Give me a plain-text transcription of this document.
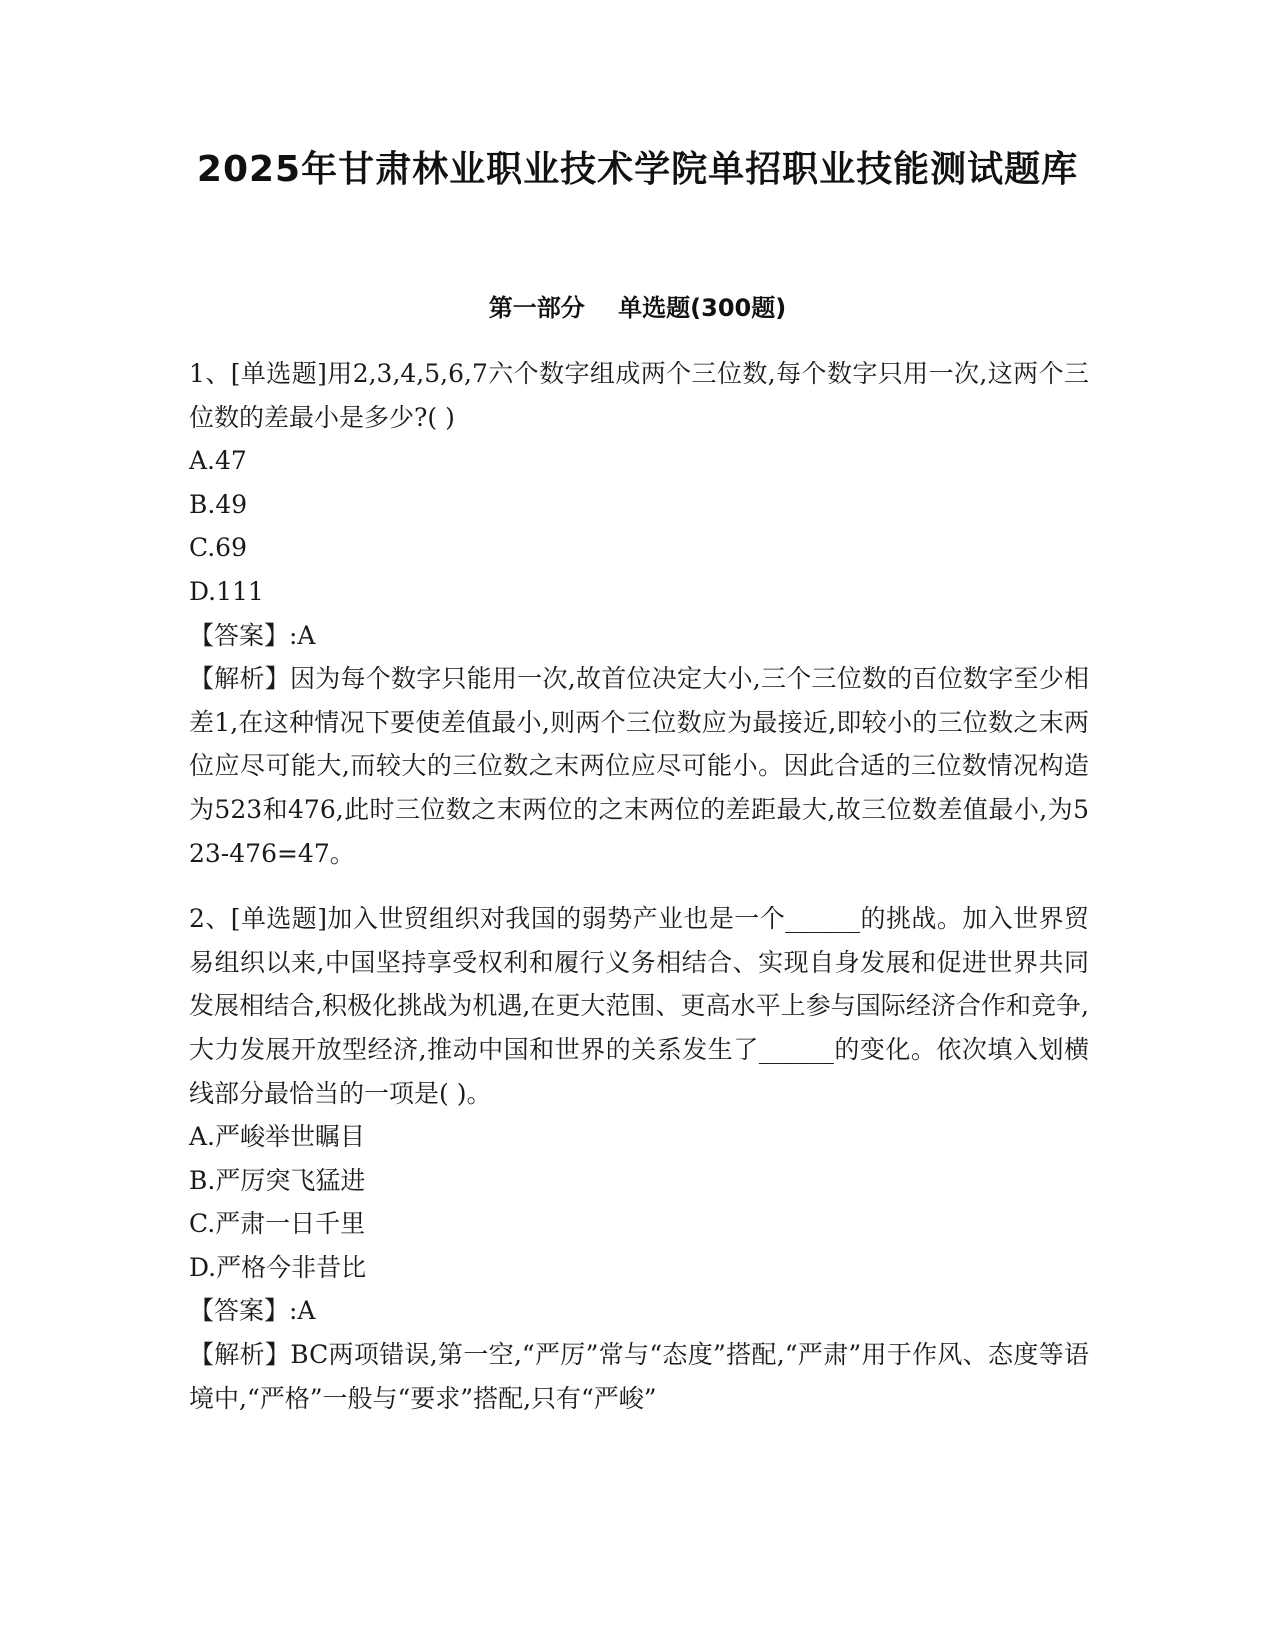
2025年甘肃林业职业技术学院单招职业技能测试题库
第一部分    单选题(300题)

1、[单选题]用2,3,4,5,6,7六个数字组成两个三位数,每个数字只用一次,这两个三位数的差最小是多少?( )

A.47

B.49

C.69

D.111

【答案】:A

【解析】因为每个数字只能用一次,故首位决定大小,三个三位数的百位数字至少相差1,在这种情况下要使差值最小,则两个三位数应为最接近,即较小的三位数之末两位应尽可能大,而较大的三位数之末两位应尽可能小。因此合适的三位数情况构造为523和476,此时三位数之末两位的之末两位的差距最大,故三位数差值最小,为523-476=47。

2、[单选题]加入世贸组织对我国的弱势产业也是一个______的挑战。加入世界贸易组织以来,中国坚持享受权利和履行义务相结合、实现自身发展和促进世界共同发展相结合,积极化挑战为机遇,在更大范围、更高水平上参与国际经济合作和竞争,大力发展开放型经济,推动中国和世界的关系发生了______的变化。依次填入划横线部分最恰当的一项是( )。

A.严峻举世瞩目

B.严厉突飞猛进

C.严肃一日千里

D.严格今非昔比

【答案】:A

【解析】BC两项错误,第一空,“严厉”常与“态度”搭配,“严肃”用于作风、态度等语境中,“严格”一般与“要求”搭配,只有“严峻”
